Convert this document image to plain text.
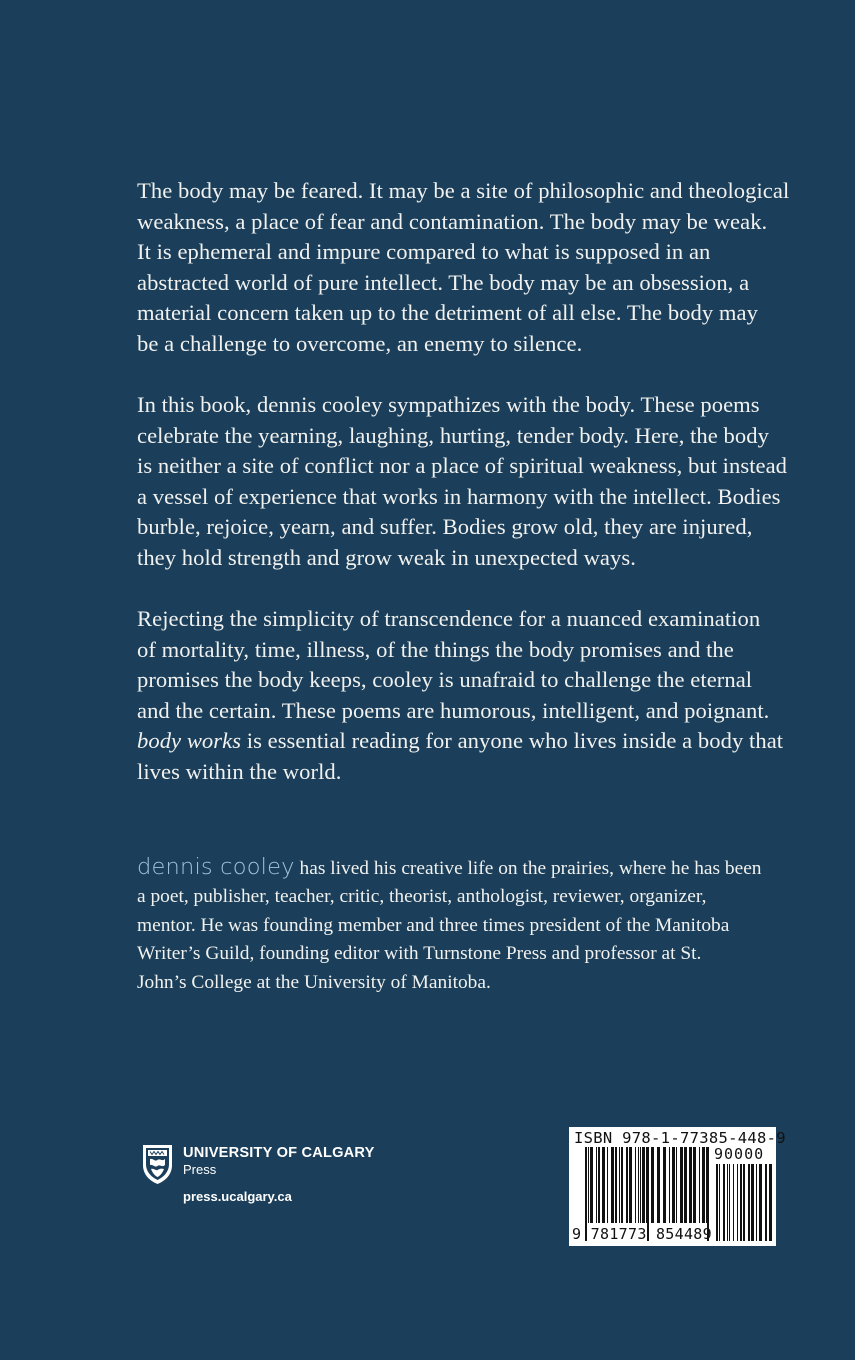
The body may be feared. It may be a site of philosophic and theological
weakness, a place of fear and contamination. The body may be weak.
It is ephemeral and impure compared to what is supposed in an
abstracted world of pure intellect. The body may be an obsession, a
material concern taken up to the detriment of all else. The body may
be a challenge to overcome, an enemy to silence.

In this book, dennis cooley sympathizes with the body. These poems
celebrate the yearning, laughing, hurting, tender body. Here, the body
is neither a site of conflict nor a place of spiritual weakness, but instead
a vessel of experience that works in harmony with the intellect. Bodies
burble, rejoice, yearn, and suffer. Bodies grow old, they are injured,
they hold strength and grow weak in unexpected ways.

Rejecting the simplicity of transcendence for a nuanced examination
of mortality, time, illness, of the things the body promises and the
promises the body keeps, cooley is unafraid to challenge the eternal
and the certain. These poems are humorous, intelligent, and poignant.
body works is essential reading for anyone who lives inside a body that
lives within the world.

dennis cooley has lived his creative life on the prairies, where he has been
a poet, publisher, teacher, critic, theorist, anthologist, reviewer, organizer,
mentor. He was founding member and three times president of the Manitoba
Writer’s Guild, founding editor with Turnstone Press and professor at St.
John’s College at the University of Manitoba.

UNIVERSITY OF CALGARY
Press
press.ucalgary.ca
ISBN 978-1-77385-448-9
90000
9 781773 854489
